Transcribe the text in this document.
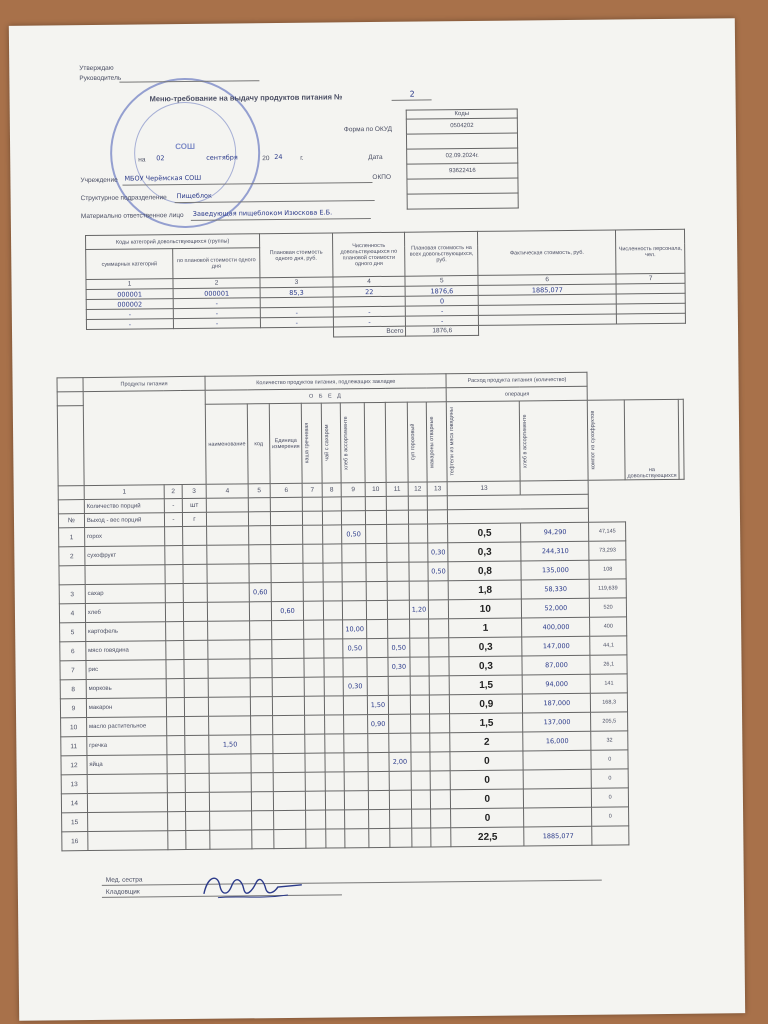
СОШ
Утверждаю
Руководитель
Меню-требование на выдачу продуктов питания №	2
Коды
0504202

02.09.2024г.
93622416

Форма по ОКУД
на 02	сентября	20 24	г.	Дата
Учреждение МБОУ Черёмская СОШ	ОКПО
Структурное подразделение Пищеблок
Материально ответственное лицо Заведующая пищеблоком Изюскова Е.Б.
Коды категорий довольствующихся (группы)		Плановая стоимость одного дня, руб.	Численность довольствующихся по плановой стоимости одного дня	Плановая стоимость на всех довольствующихся, руб.	Фактическая стоимость, руб.	Численность персонала, чел.
суммарных категорий	по плановой стоимости одного дня					
1	2	3	4	5	6	7
000001	000001	85,3	22	1876,6	1885,077	
000002	-			0		
-	-	-	-	-		
-	-	-	-	-		
			Всего	1876,6		
	Продукты питания			Количество продуктов питания, подлежащих закладке										Расход продукта питания (количество)					
				О Б Е Д										операция					
				наименование	код	Единица измерения	каша гречневая	чай с сахаром	хлеб в ассортименте			суп гороховый	макароны отварные	тефтели из мяса говядины	хлеб в ассортименте	компот из сухофруктов	на довольствующихся		
	1	2	3	4	5	6	7	8	9	10	11	12	13	13					
	Количество порций	-	шт																
№	Выход - вес порций	-	г																
1	горох								0,50					0,5	94,290	47,145			
2	сухофрукт												0,30	0,3	244,310	73,293			
													0,50	0,8	135,000	108			
3	сахар				0,60									1,8	58,330	119,639			
4	хлеб					0,60						1,20		10	52,000	520			
5	картофель								10,00					1	400,000	400			
6	мясо говядина								0,50		0,50			0,3	147,000	44,1			
7	рис										0,30			0,3	87,000	26,1			
8	морковь								0,30					1,5	94,000	141			
9	макарон									1,50				0,9	187,000	168,3			
10	масло растительное									0,90				1,5	137,000	205,5			
11	гречка			1,50										2	16,000	32			
12	яйца										2,00			0		0			
13														0		0			
14														0		0			
15														0		0			
16														22,5	1885,077				
Мед. сестра
Кладовщик
